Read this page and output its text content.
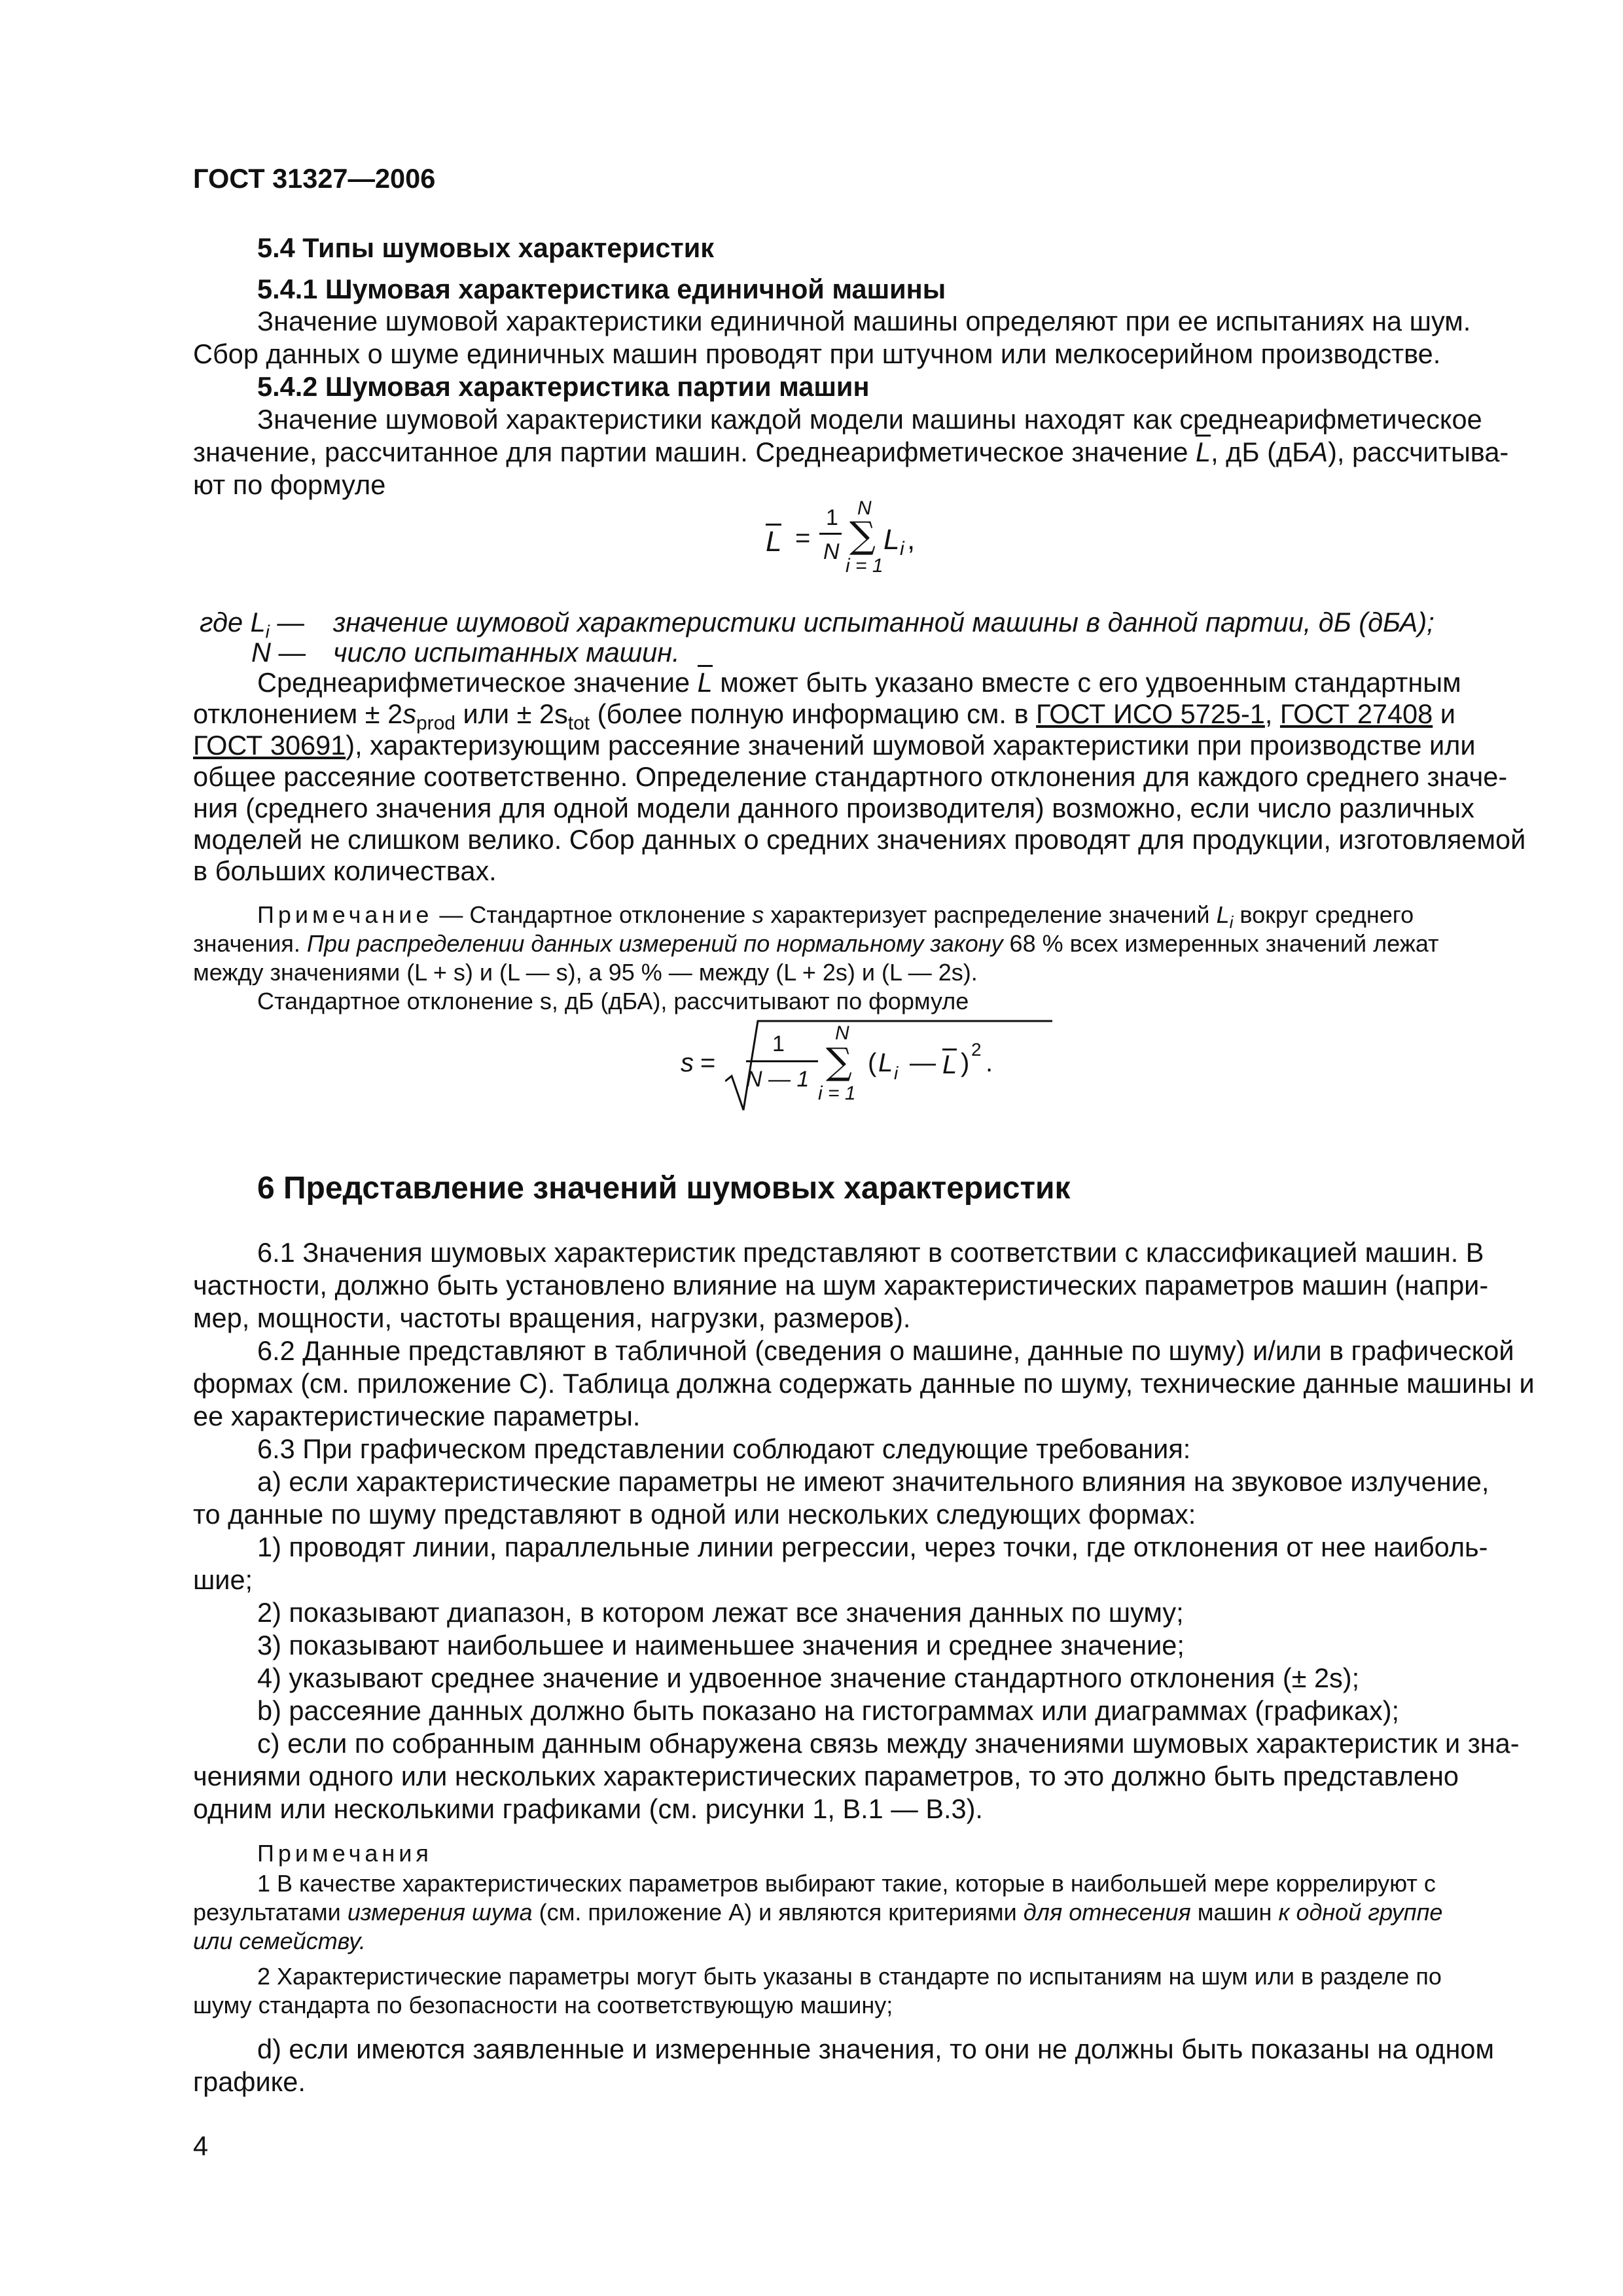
ГОСТ 31327—2006
5.4 Типы шумовых характеристик
5.4.1 Шумовая характеристика единичной машины
Значение шумовой характеристики единичной машины определяют при ее испытаниях на шум.
Сбор данных о шуме единичных машин проводят при штучном или мелкосерийном производстве.
5.4.2 Шумовая характеристика партии машин
Значение шумовой характеристики каждой модели машины находят как среднеарифметическое
значение, рассчитанное для партии машин. Среднеарифметическое значение L, дБ (дБA), рассчитыва-
ют по формуле
L =
1
N
N
∑
i = 1
L i ,
где $L_i$ — значение шумовой характеристики испытанной машины в данной партии, дБ (дБА);
N — число испытанных машин.
Среднеарифметическое значение L может быть указано вместе с его удвоенным стандартным
отклонением ± $2s_{prod}$ или ± $2s_{tot}$ (более полную информацию см. в ГОСТ ИСО 5725-1, ГОСТ 27408 и
ГОСТ 30691), характеризующим рассеяние значений шумовой характеристики при производстве или
общее рассеяние соответственно. Определение стандартного отклонения для каждого среднего значе-
ния (среднего значения для одной модели данного производителя) возможно, если число различных
моделей не слишком велико. Сбор данных о средних значениях проводят для продукции, изготовляемой
в больших количествах.
Примечание — Стандартное отклонение s характеризует распределение значений $L_i$ вокруг среднего
значения. При распределении данных измерений по нормальному закону 68 % всех измеренных значений лежат
между значениями (L + s) и (L — s), а 95 % — между (L + 2s) и (L — 2s).
Стандартное отклонение s, дБ (дБА), рассчитывают по формуле
s =
1
N — 1
N
∑
i = 1
( L i — L ) 2 .
6 Представление значений шумовых характеристик
6.1 Значения шумовых характеристик представляют в соответствии с классификацией машин. В
частности, должно быть установлено влияние на шум характеристических параметров машин (напри-
мер, мощности, частоты вращения, нагрузки, размеров).
6.2 Данные представляют в табличной (сведения о машине, данные по шуму) и/или в графической
формах (см. приложение С). Таблица должна содержать данные по шуму, технические данные машины и
ее характеристические параметры.
6.3 При графическом представлении соблюдают следующие требования:
а) если характеристические параметры не имеют значительного влияния на звуковое излучение,
то данные по шуму представляют в одной или нескольких следующих формах:
1) проводят линии, параллельные линии регрессии, через точки, где отклонения от нее наиболь-
шие;
2) показывают диапазон, в котором лежат все значения данных по шуму;
3) показывают наибольшее и наименьшее значения и среднее значение;
4) указывают среднее значение и удвоенное значение стандартного отклонения (± 2s);
b) рассеяние данных должно быть показано на гистограммах или диаграммах (графиках);
с) если по собранным данным обнаружена связь между значениями шумовых характеристик и зна-
чениями одного или нескольких характеристических параметров, то это должно быть представлено
одним или несколькими графиками (см. рисунки 1, В.1 — В.3).
Примечания
1 В качестве характеристических параметров выбирают такие, которые в наибольшей мере коррелируют с
результатами измерения шума (см. приложение А) и являются критериями для отнесения машин к одной группе
или семейству.
2 Характеристические параметры могут быть указаны в стандарте по испытаниям на шум или в разделе по
шуму стандарта по безопасности на соответствующую машину;
d) если имеются заявленные и измеренные значения, то они не должны быть показаны на одном
графике.
4
